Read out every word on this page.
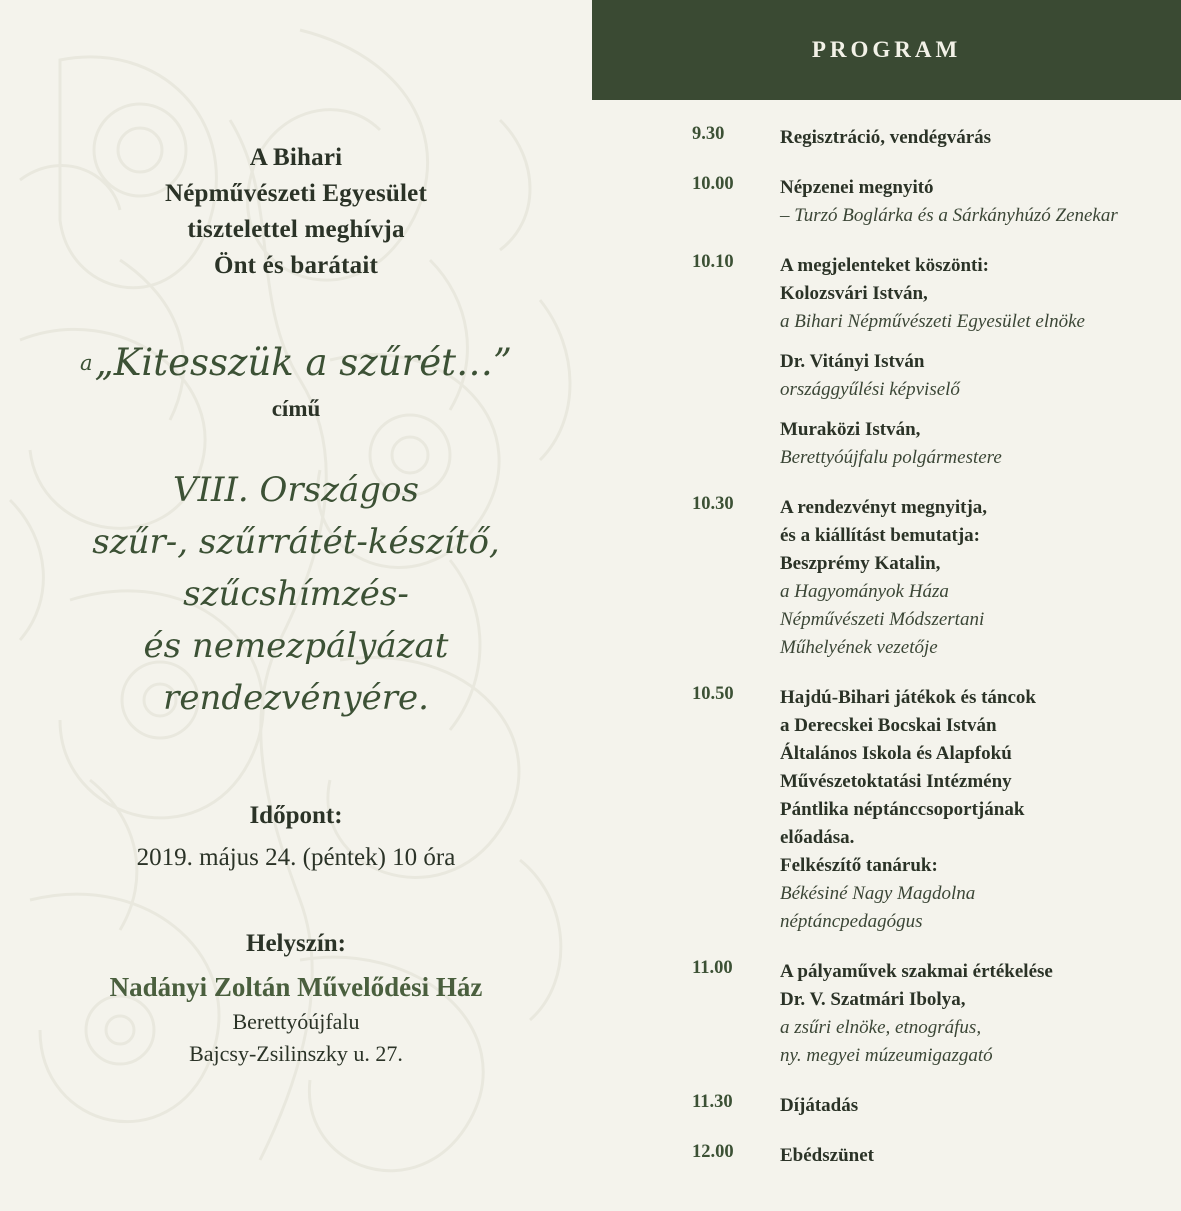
A Bihari
Népművészeti Egyesület
tisztelettel meghívja
Önt és barátait
a„Kitesszük a szűrét…”
című
VIII. Országos
szűr-, szűrrátét-készítő,
szűcshímzés-
és nemezpályázat
rendezvényére.
Időpont:
2019. május 24. (péntek) 10 óra
Helyszín:
Nadányi Zoltán Művelődési Ház
Berettyóújfalu
Bajcsy-Zsilinszky u. 27.
PROGRAM
9.30	Regisztráció, vendégvárás
10.00	Népzenei megnyitó
– Turzó Boglárka és a Sárkányhúzó Zenekar
10.10	A megjelenteket köszönti:
Kolozsvári István,
a Bihari Népművészeti Egyesület elnöke
Dr. Vitányi István
országgyűlési képviselő
Muraközi István,
Berettyóújfalu polgármestere
10.30	A rendezvényt megnyitja,
és a kiállítást bemutatja:
Beszprémy Katalin,
a Hagyományok Háza
Népművészeti Módszertani
Műhelyének vezetője
10.50	Hajdú-Bihari játékok és táncok
a Derecskei Bocskai István
Általános Iskola és Alapfokú
Művészetoktatási Intézmény
Pántlika néptánccsoportjának
előadása.
Felkészítő tanáruk:
Békésiné Nagy Magdolna
néptáncpedagógus
11.00	A pályaművek szakmai értékelése
Dr. V. Szatmári Ibolya,
a zsűri elnöke, etnográfus,
ny. megyei múzeumigazgató
11.30	Díjátadás
12.00	Ebédszünet
